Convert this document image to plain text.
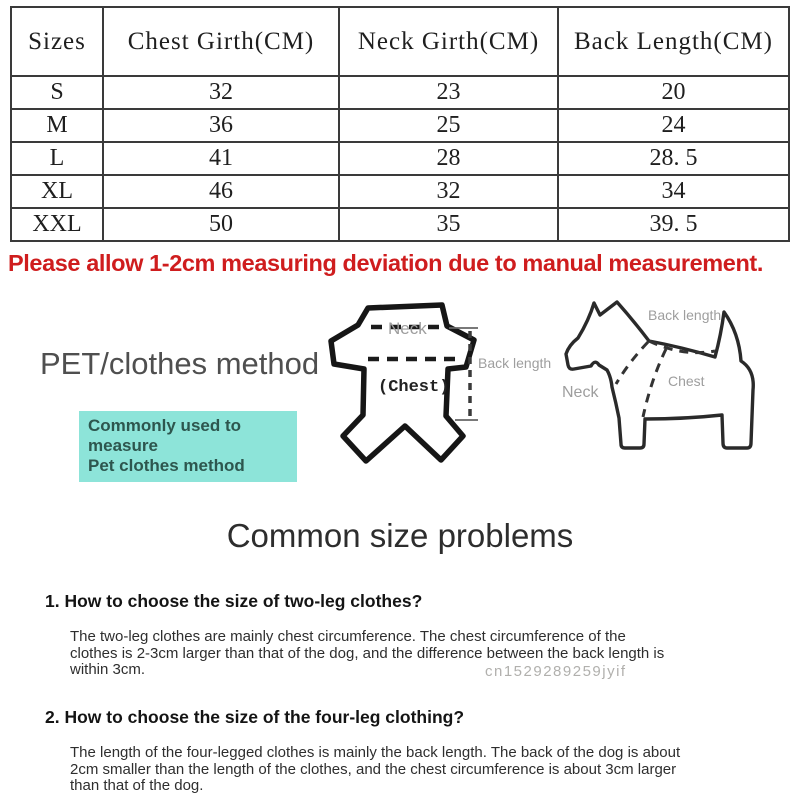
Sizes	Chest Girth(CM)	Neck Girth(CM)	Back Length(CM)
S	32	23	20
M	36	25	24
L	41	28	28. 5
XL	46	32	34
XXL	50	35	39. 5
Please allow 1-2cm measuring deviation due to manual measurement.
PET/clothes method
Commonly used to measure
Pet clothes method
Neck
(Chest)
Back length
Back length
Neck
Chest
Common size problems
1. How to choose the size of two-leg clothes?
The two-leg clothes are mainly chest circumference. The chest circumference of the
clothes is 2-3cm larger than that of the dog, and the difference between the back length is
within 3cm.	cn1529289259jyif
2. How to choose the size of the four-leg clothing?
The length of the four-legged clothes is mainly the back length. The back of the dog is about
2cm smaller than the length of the clothes, and the chest circumference is about 3cm larger
than that of the dog.
